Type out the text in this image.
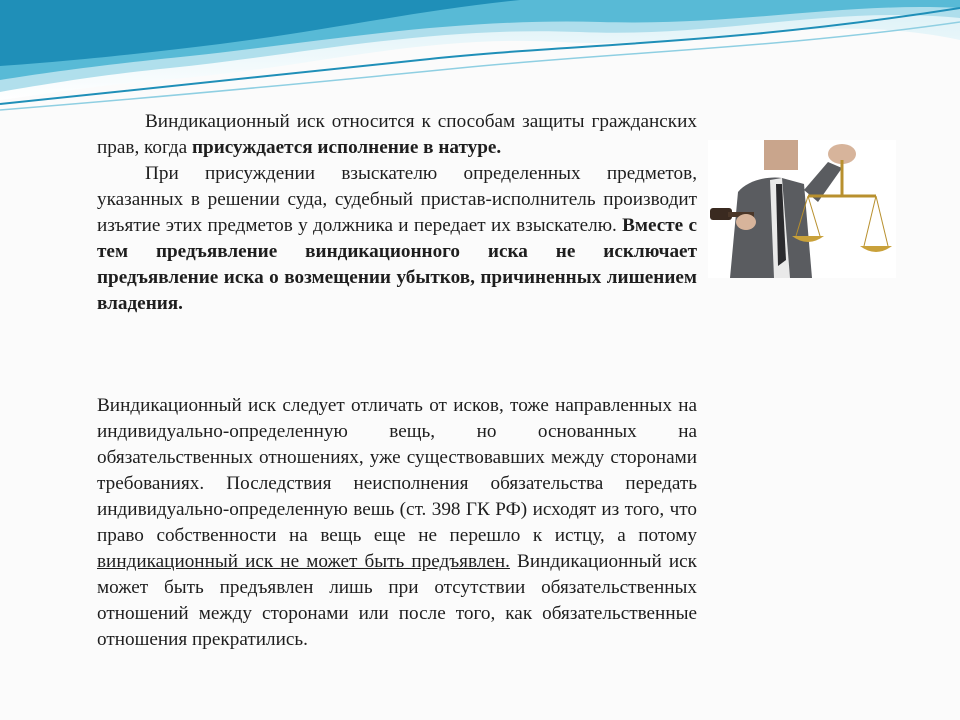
Виндикационный иск относится к способам защиты гражданских прав, когда присуждается исполнение в натуре.

При присуждении взыскателю определенных предметов, указанных в решении суда, судебный пристав-исполнитель производит изъятие этих предметов у должника и передает их взыскателю. Вместе с тем предъявление виндикационного иска не исключает предъявление иска о возмещении убытков, причиненных лишением владения.

Виндикационный иск следует отличать от исков, тоже направленных на индивидуально-определенную вещь, но основанных на обязательственных отношениях, уже существовавших между сторонами требованиях. Последствия неисполнения обязательства передать индивидуально-определенную вешь (ст. 398 ГК РФ) исходят из того, что право собственности на вещь еще не перешло к истцу, а потому виндикационный иск не может быть предъявлен. Виндикационный иск может быть предъявлен лишь при отсутствии обязательственных отношений между сторонами или после того, как обязательственные отношения прекратились.
